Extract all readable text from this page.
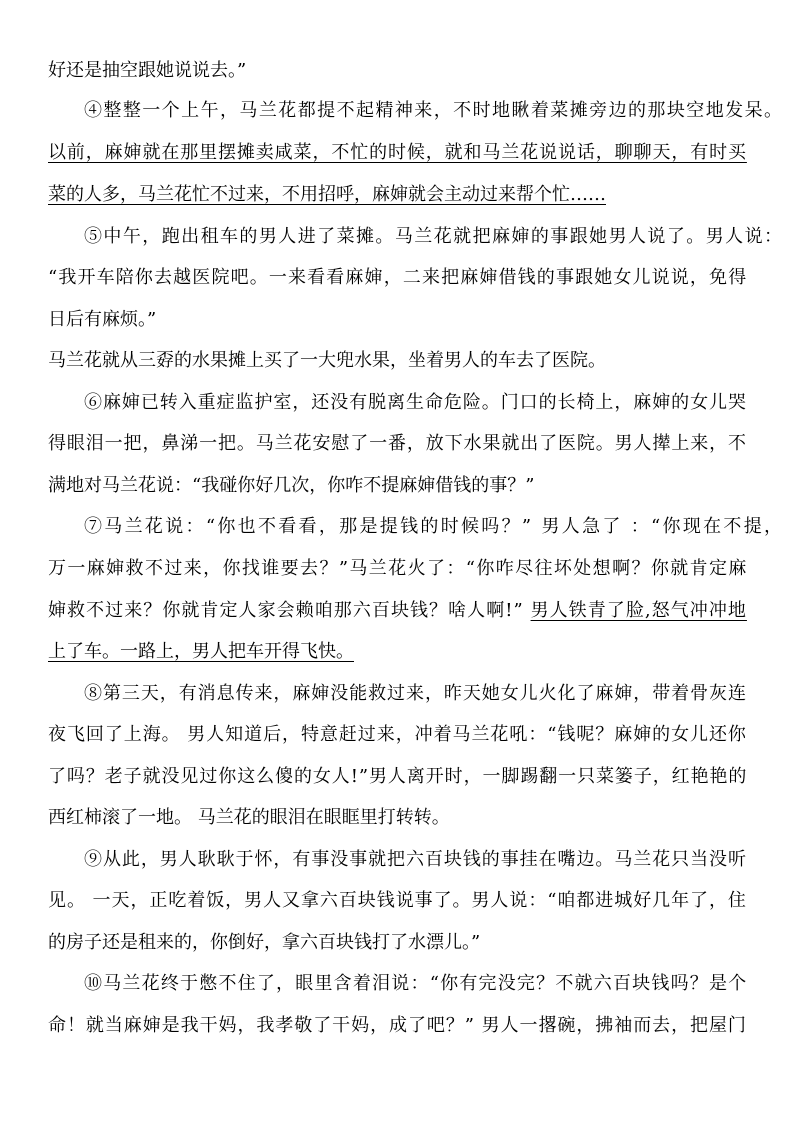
好还是抽空跟她说说去。”
④整整一个上午，马兰花都提不起精神来，不时地瞅着菜摊旁边的那块空地发呆。
以前，麻婶就在那里摆摊卖咸菜，不忙的时候，就和马兰花说说话，聊聊天，有时买
菜的人多，马兰花忙不过来，不用招呼，麻婶就会主动过来帮个忙……
⑤中午，跑出租车的男人进了菜摊。马兰花就把麻婶的事跟她男人说了。男人说：
“我开车陪你去越医院吧。一来看看麻婶，二来把麻婶借钱的事跟她女儿说说，免得
日后有麻烦。”
马兰花就从三孬的水果摊上买了一大兜水果，坐着男人的车去了医院。
⑥麻婶已转入重症监护室，还没有脱离生命危险。门口的长椅上，麻婶的女儿哭
得眼泪一把，鼻涕一把。马兰花安慰了一番，放下水果就出了医院。男人撵上来，不
满地对马兰花说：“我碰你好几次，你咋不提麻婶借钱的事？”
⑦马兰花说：“你也不看看，那是提钱的时候吗？” 男人急了 ：“你现在不提，
万一麻婶救不过来，你找谁要去？”马兰花火了：“你咋尽往坏处想啊？你就肯定麻
婶救不过来？你就肯定人家会赖咱那六百块钱？啥人啊!” 男人铁青了脸,怒气冲冲地
上了车。一路上，男人把车开得飞快。
⑧第三天，有消息传来，麻婶没能救过来，昨天她女儿火化了麻婶，带着骨灰连
夜飞回了上海。 男人知道后，特意赶过来，冲着马兰花吼：“钱呢？麻婶的女儿还你
了吗？老子就没见过你这么傻的女人!”男人离开时，一脚踢翻一只菜篓子，红艳艳的
西红柿滚了一地。 马兰花的眼泪在眼眶里打转转。
⑨从此，男人耿耿于怀，有事没事就把六百块钱的事挂在嘴边。马兰花只当没听
见。 一天，正吃着饭，男人又拿六百块钱说事了。男人说：“咱都进城好几年了，住
的房子还是租来的，你倒好，拿六百块钱打了水漂儿。”
⑩马兰花终于憋不住了，眼里含着泪说：“你有完没完？不就六百块钱吗？是个
命！就当麻婶是我干妈，我孝敬了干妈，成了吧？” 男人一撂碗，拂袖而去，把屋门
